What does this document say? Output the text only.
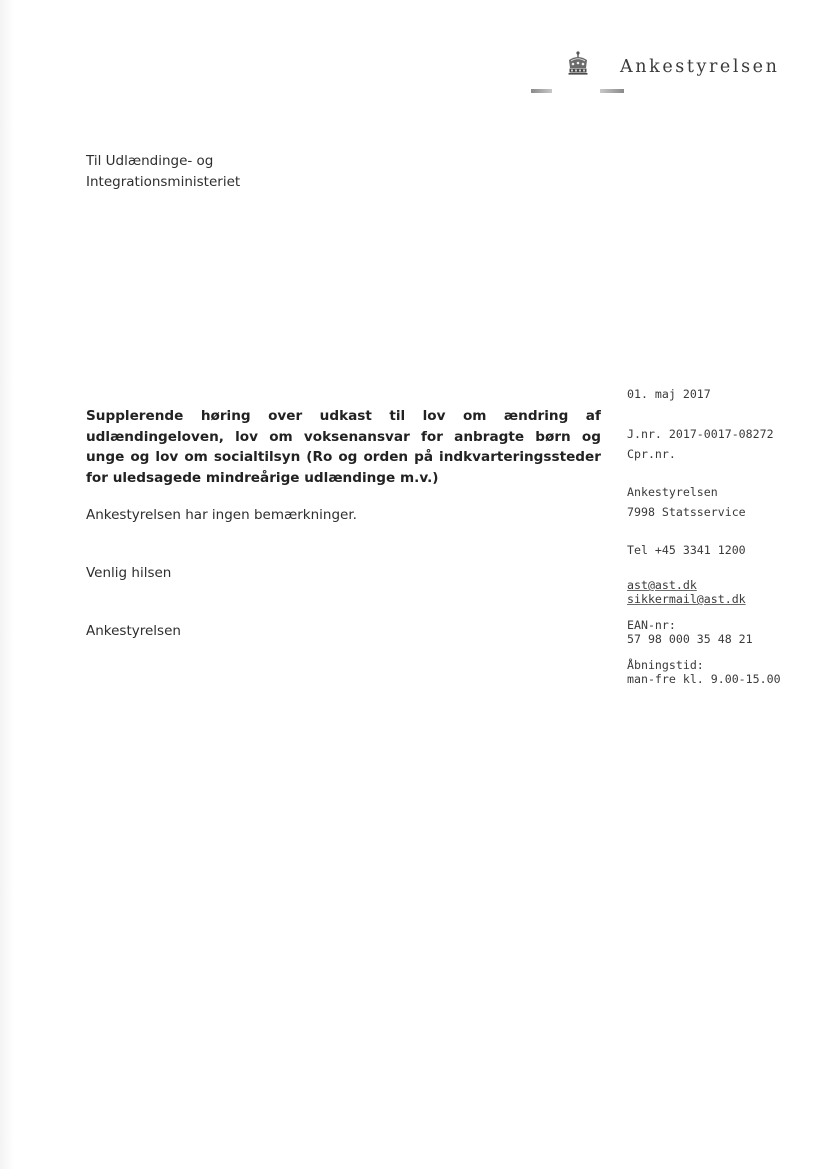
Ankestyrelsen
Til Udlændinge- og
Integrationsministeriet
Supplerende høring over udkast til lov om ændring af
udlændingeloven, lov om voksenansvar for anbragte børn og
unge og lov om socialtilsyn (Ro og orden på indkvarteringssteder
for uledsagede mindreårige udlændinge m.v.)
Ankestyrelsen har ingen bemærkninger.
Venlig hilsen
Ankestyrelsen
01. maj 2017
J.nr. 2017-0017-08272
Cpr.nr.
Ankestyrelsen
7998 Statsservice
Tel +45 3341 1200
ast@ast.dk
sikkermail@ast.dk
EAN-nr:
57 98 000 35 48 21
Åbningstid:
man-fre kl. 9.00-15.00
